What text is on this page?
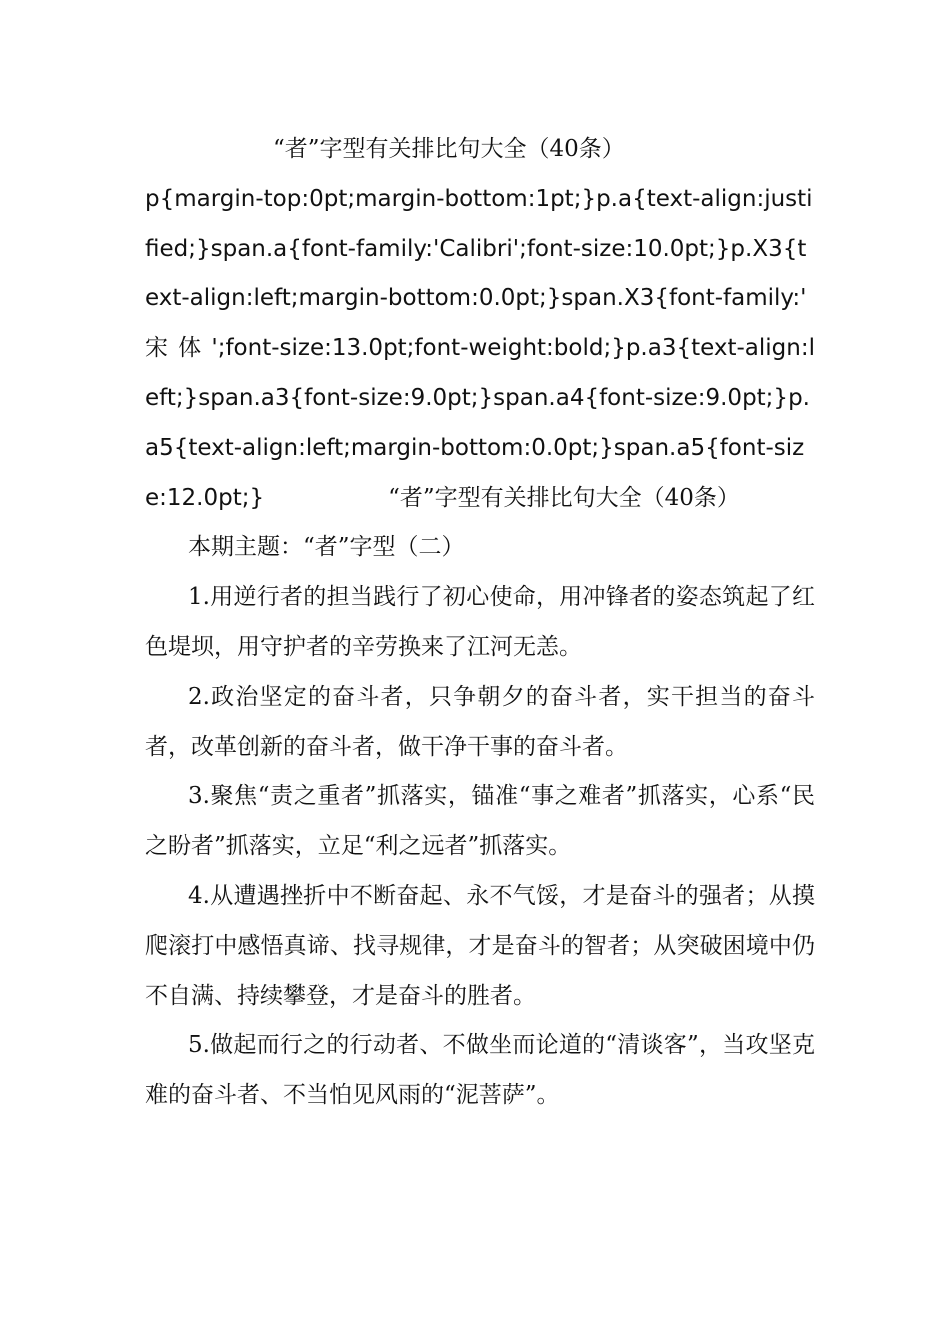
“者”字型有关排比句大全（40条）

p{margin-top:0pt;margin-bottom:1pt;}p.a{text-align:justified;}span.a{font-family:'Calibri';font-size:10.0pt;}p.X3{text-align:left;margin-bottom:0.0pt;}span.X3{font-family:' 宋 体 ';font-size:13.0pt;font-weight:bold;}p.a3{text-align:left;}span.a3{font-size:9.0pt;}span.a4{font-size:9.0pt;}p.a5{text-align:left;margin-bottom:0.0pt;}span.a5{font-size:12.0pt;}	“者”字型有关排比句大全（40条）

本期主题：“者”字型（二）

1.用逆行者的担当践行了初心使命，用冲锋者的姿态筑起了红色堤坝，用守护者的辛劳换来了江河无恙。

2.政治坚定的奋斗者，只争朝夕的奋斗者，实干担当的奋斗者，改革创新的奋斗者，做干净干事的奋斗者。

3.聚焦“责之重者”抓落实，锚准“事之难者”抓落实，心系“民之盼者”抓落实，立足“利之远者”抓落实。

4.从遭遇挫折中不断奋起、永不气馁，才是奋斗的强者；从摸爬滚打中感悟真谛、找寻规律，才是奋斗的智者；从突破困境中仍不自满、持续攀登，才是奋斗的胜者。

5.做起而行之的行动者、不做坐而论道的“清谈客”，当攻坚克难的奋斗者、不当怕见风雨的“泥菩萨”。
